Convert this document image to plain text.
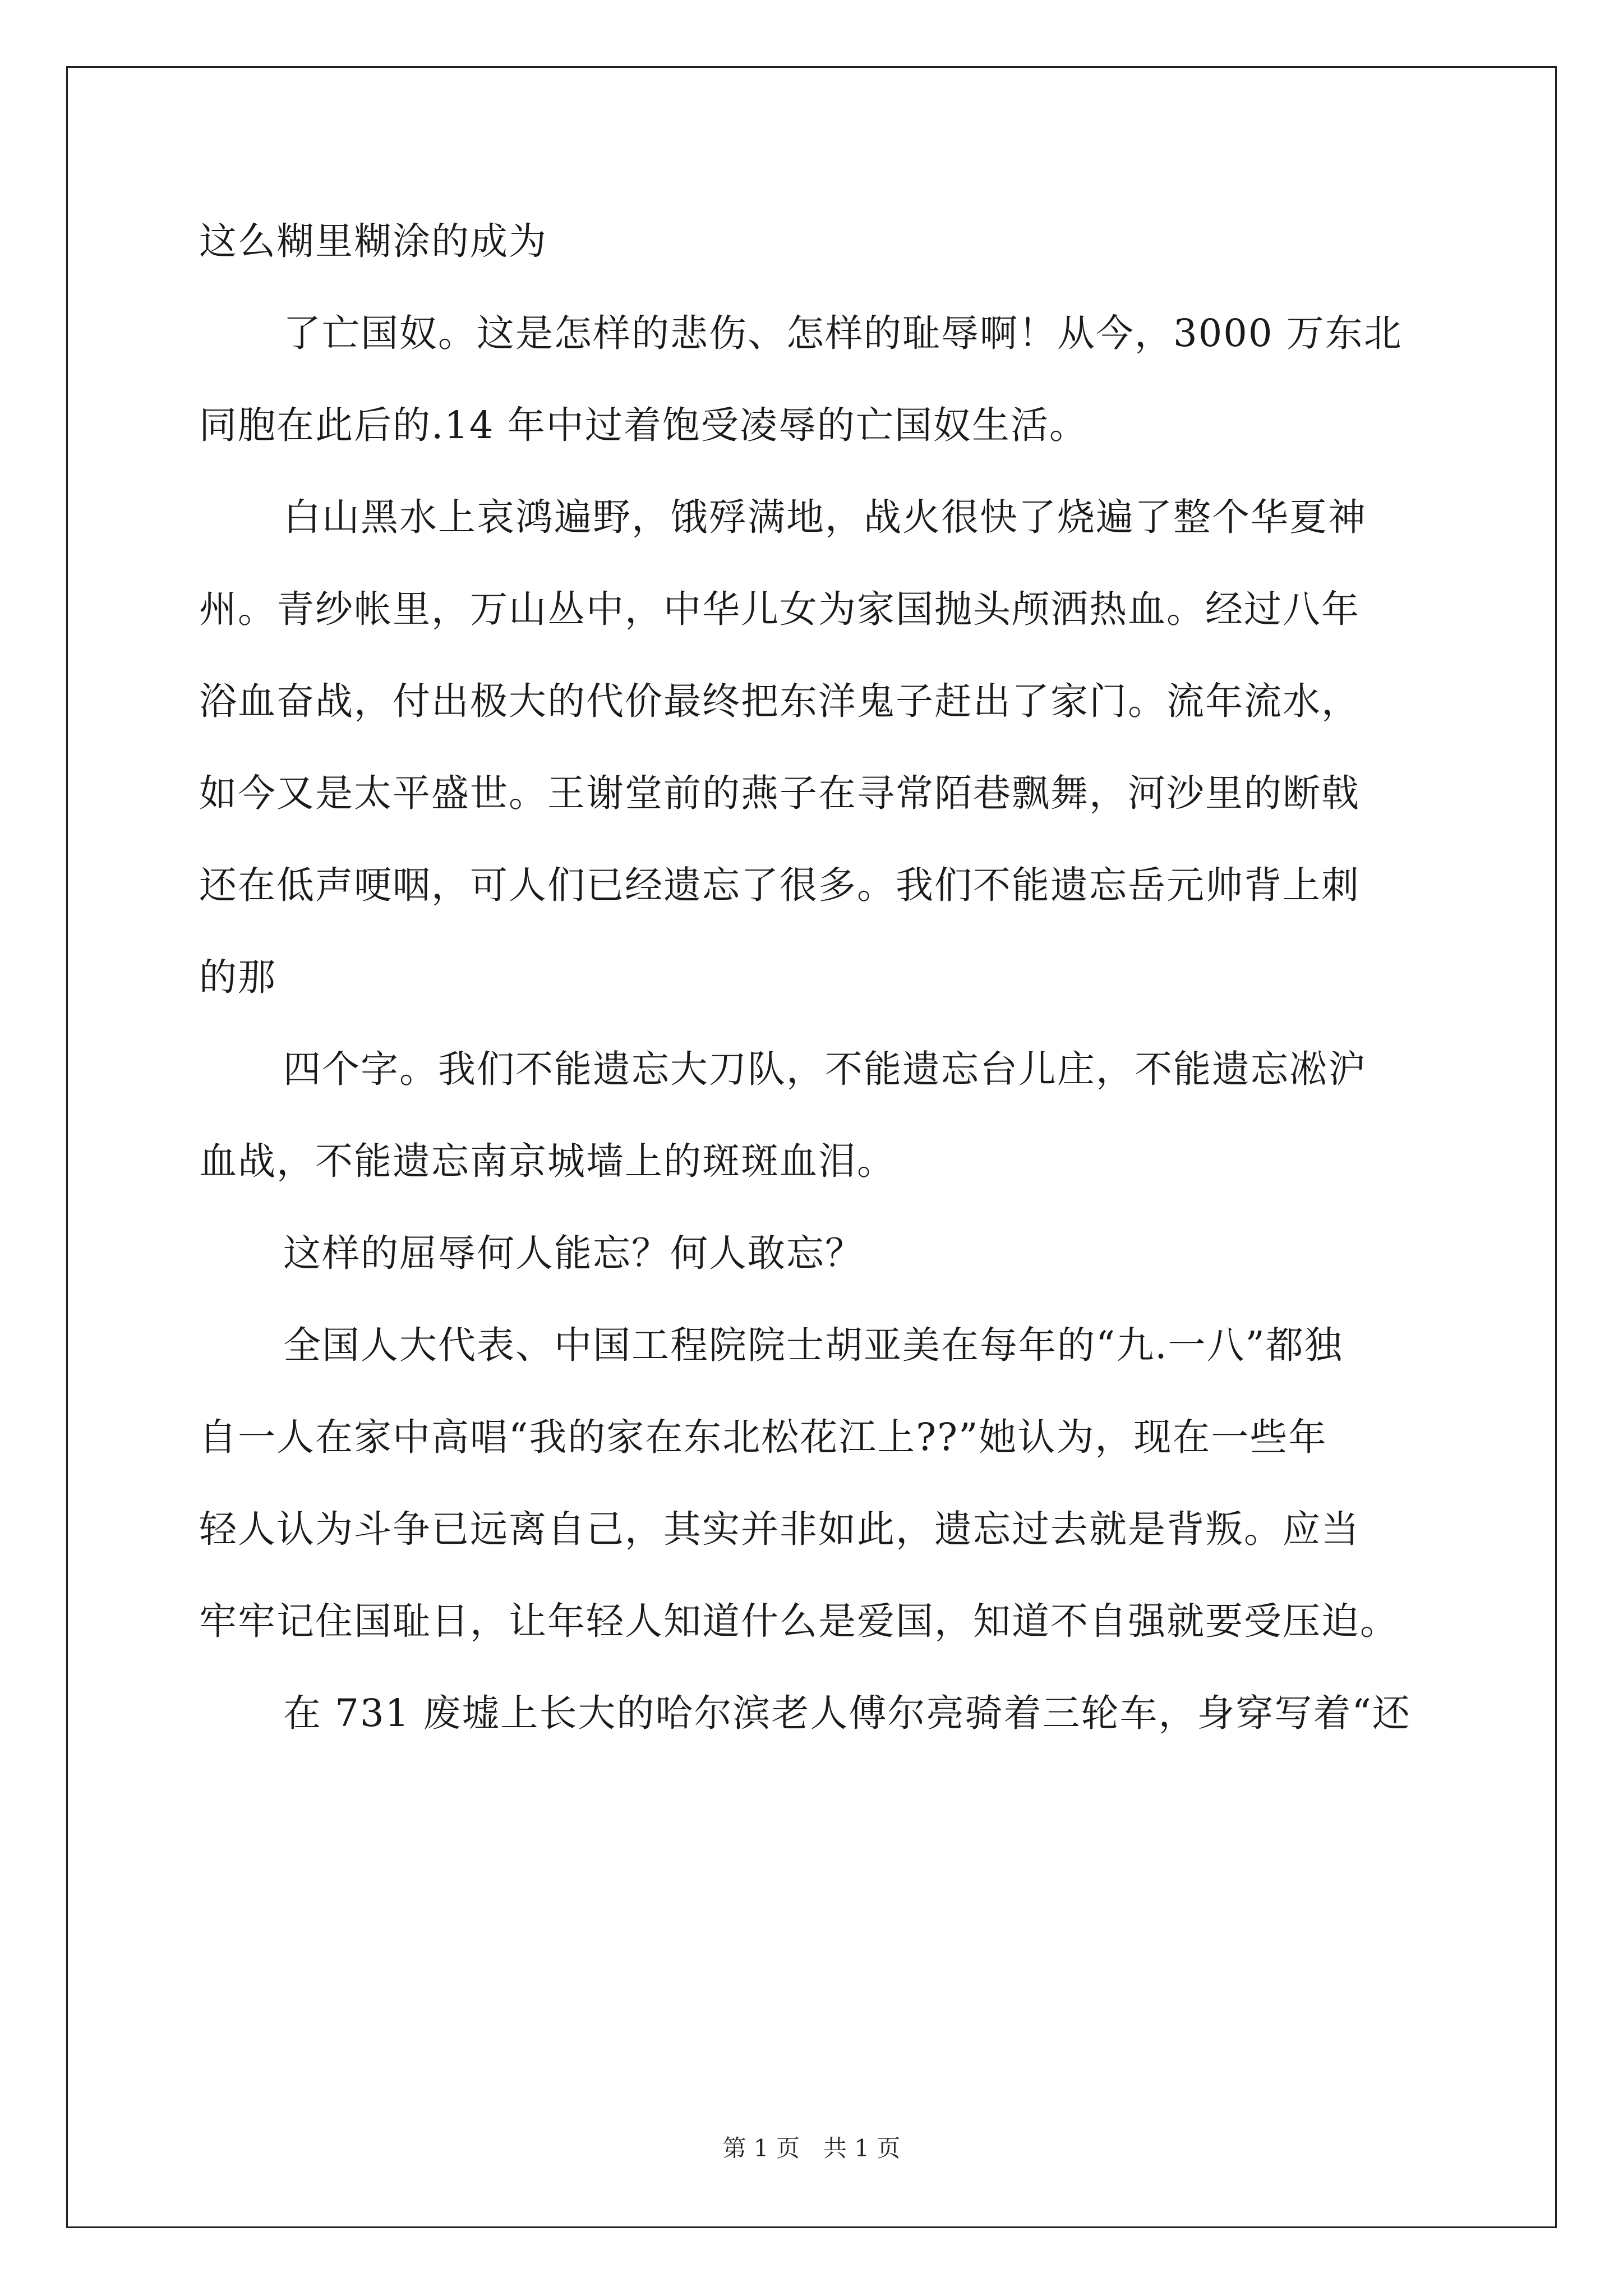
这么糊里糊涂的成为
了亡国奴。这是怎样的悲伤、怎样的耻辱啊！从今，3000 万东北
同胞在此后的.14 年中过着饱受凌辱的亡国奴生活。
白山黑水上哀鸿遍野，饿殍满地，战火很快了烧遍了整个华夏神
州。青纱帐里，万山丛中，中华儿女为家国抛头颅洒热血。经过八年
浴血奋战，付出极大的代价最终把东洋鬼子赶出了家门。流年流水，
如今又是太平盛世。王谢堂前的燕子在寻常陌巷飘舞，河沙里的断戟
还在低声哽咽，可人们已经遗忘了很多。我们不能遗忘岳元帅背上刺
的那
四个字。我们不能遗忘大刀队，不能遗忘台儿庄，不能遗忘凇沪
血战，不能遗忘南京城墙上的斑斑血泪。
这样的屈辱何人能忘？何人敢忘？
全国人大代表、中国工程院院士胡亚美在每年的“九.一八”都独
自一人在家中高唱“我的家在东北松花江上??”她认为，现在一些年
轻人认为斗争已远离自己，其实并非如此，遗忘过去就是背叛。应当
牢牢记住国耻日，让年轻人知道什么是爱国，知道不自强就要受压迫。
在 731 废墟上长大的哈尔滨老人傅尔亮骑着三轮车，身穿写着“还
第 1 页　共 1 页
